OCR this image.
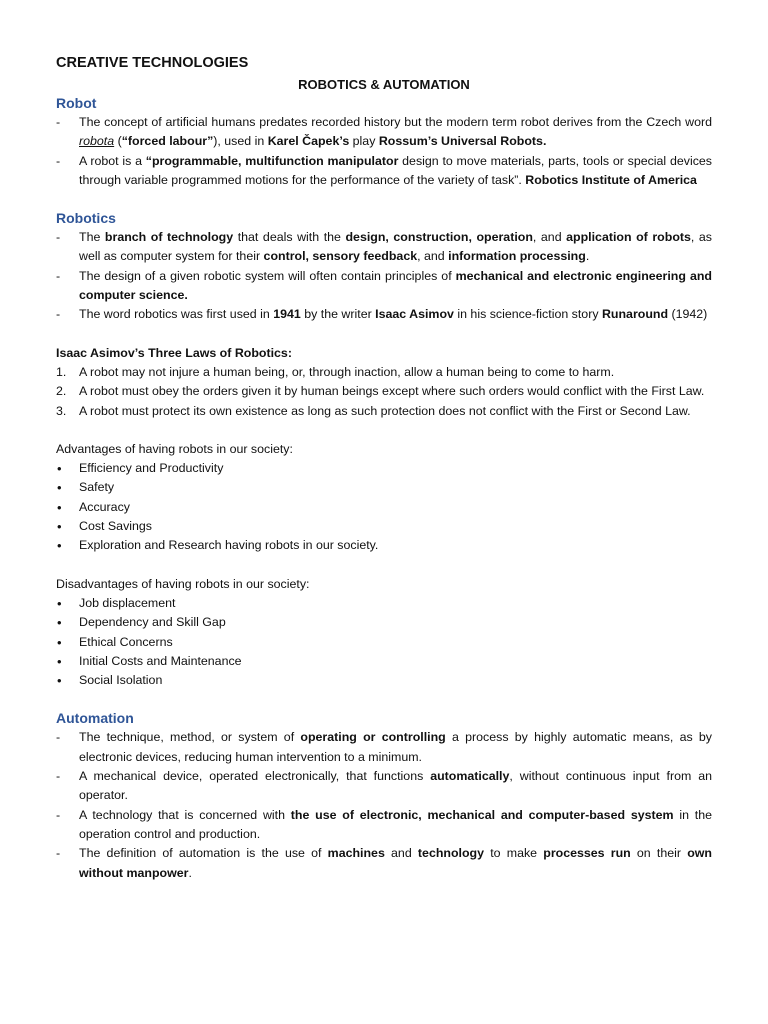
CREATIVE TECHNOLOGIES
ROBOTICS & AUTOMATION
Robot
-	The concept of artificial humans predates recorded history but the modern term robot derives from the Czech word robota (“forced labour”), used in Karel Čapek’s play Rossum’s Universal Robots.
-	A robot is a “programmable, multifunction manipulator design to move materials, parts, tools or special devices through variable programmed motions for the performance of the variety of task”. Robotics Institute of America
Robotics
-	The branch of technology that deals with the design, construction, operation, and application of robots, as well as computer system for their control, sensory feedback, and information processing.
-	The design of a given robotic system will often contain principles of mechanical and electronic engineering and computer science.
-	The word robotics was first used in 1941 by the writer Isaac Asimov in his science-fiction story Runaround (1942)
Isaac Asimov’s Three Laws of Robotics:
1.	A robot may not injure a human being, or, through inaction, allow a human being to come to harm.
2.	A robot must obey the orders given it by human beings except where such orders would conflict with the First Law.
3.	A robot must protect its own existence as long as such protection does not conflict with the First or Second Law.
Advantages of having robots in our society:
• Efficiency and Productivity
• Safety
• Accuracy
• Cost Savings
• Exploration and Research having robots in our society.
Disadvantages of having robots in our society:
• Job displacement
• Dependency and Skill Gap
• Ethical Concerns
• Initial Costs and Maintenance
• Social Isolation
Automation
-	The technique, method, or system of operating or controlling a process by highly automatic means, as by electronic devices, reducing human intervention to a minimum.
-	A mechanical device, operated electronically, that functions automatically, without continuous input from an operator.
-	A technology that is concerned with the use of electronic, mechanical and computer-based system in the operation control and production.
-	The definition of automation is the use of machines and technology to make processes run on their own without manpower.
